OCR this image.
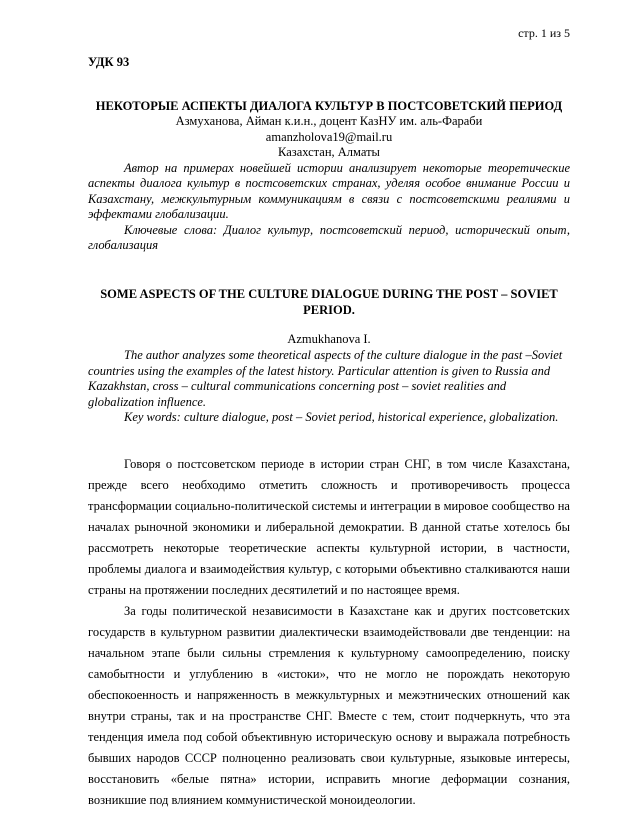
стр. 1 из 5
УДК 93
НЕКОТОРЫЕ АСПЕКТЫ ДИАЛОГА КУЛЬТУР В ПОСТСОВЕТСКИЙ ПЕРИОД
Азмуханова, Айман к.и.н., доцент КазНУ им. аль-Фараби
amanzholova19@mail.ru
Казахстан, Алматы

Автор на примерах новейшей истории анализирует некоторые теоретические аспекты диалога культур в постсоветских странах, уделяя особое внимание России и Казахстану, межкультурным коммуникациям в связи с постсоветскими реалиями и эффектами глобализации.

Ключевые слова: Диалог культур, постсоветский период, исторический опыт, глобализация

SOME ASPECTS OF THE CULTURE DIALOGUE DURING THE POST – SOVIET PERIOD.
Azmukhanova I.

The author analyzes some theoretical aspects of the culture dialogue in the past –Soviet countries using the examples of the latest history. Particular attention is given to Russia and Kazakhstan, cross – cultural communications concerning post – soviet realities and globalization influence.

Key words: culture dialogue, post – Soviet period, historical experience, globalization.

Говоря о постсоветском периоде в истории стран СНГ, в том числе Казахстана, прежде всего необходимо отметить сложность и противоречивость процесса трансформации социально-политической системы и интеграции в мировое сообщество на началах рыночной экономики и либеральной демократии. В данной статье хотелось бы рассмотреть некоторые теоретические аспекты культурной истории, в частности, проблемы диалога и взаимодействия культур, с которыми объективно сталкиваются наши страны на протяжении последних десятилетий и по настоящее время.

За годы политической независимости в Казахстане как и других постсоветских государств в культурном развитии диалектически взаимодействовали две тенденции: на начальном этапе были сильны стремления к культурному самоопределению, поиску самобытности и углублению в «истоки», что не могло не порождать некоторую обеспокоенность и напряженность в межкультурных и межэтнических отношений как внутри страны, так и на пространстве СНГ. Вместе с тем, стоит подчеркнуть, что эта тенденция имела под собой объективную историческую основу и выражала потребность бывших народов СССР полноценно реализовать свои культурные, языковые интересы, восстановить «белые пятна» истории, исправить многие деформации сознания, возникшие под влиянием коммунистической моноидеологии.
